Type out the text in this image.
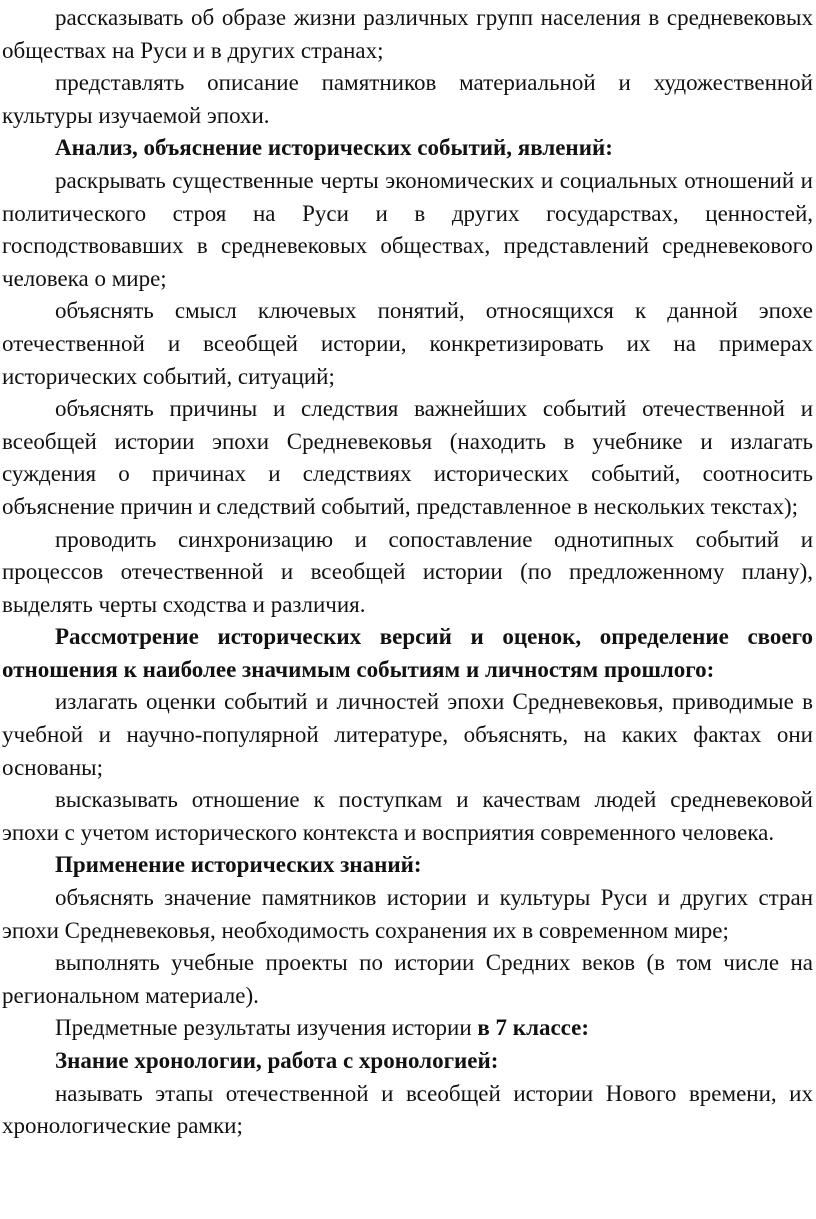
рассказывать об образе жизни различных групп населения в средневековых обществах на Руси и в других странах;

представлять описание памятников материальной и художественной культуры изучаемой эпохи.

Анализ, объяснение исторических событий, явлений:

раскрывать существенные черты экономических и социальных отношений и политического строя на Руси и в других государствах, ценностей, господствовавших в средневековых обществах, представлений средневекового человека о мире;

объяснять смысл ключевых понятий, относящихся к данной эпохе отечественной и всеобщей истории, конкретизировать их на примерах исторических событий, ситуаций;

объяснять причины и следствия важнейших событий отечественной и всеобщей истории эпохи Средневековья (находить в учебнике и излагать суждения о причинах и следствиях исторических событий, соотносить объяснение причин и следствий событий, представленное в нескольких текстах);

проводить синхронизацию и сопоставление однотипных событий и процессов отечественной и всеобщей истории (по предложенному плану), выделять черты сходства и различия.

Рассмотрение исторических версий и оценок, определение своего отношения к наиболее значимым событиям и личностям прошлого:

излагать оценки событий и личностей эпохи Средневековья, приводимые в учебной и научно-популярной литературе, объяснять, на каких фактах они основаны;

высказывать отношение к поступкам и качествам людей средневековой эпохи с учетом исторического контекста и восприятия современного человека.

Применение исторических знаний:

объяснять значение памятников истории и культуры Руси и других стран эпохи Средневековья, необходимость сохранения их в современном мире;

выполнять учебные проекты по истории Средних веков (в том числе на региональном материале).

Предметные результаты изучения истории в 7 классе:

Знание хронологии, работа с хронологией:

называть этапы отечественной и всеобщей истории Нового времени, их хронологические рамки;
